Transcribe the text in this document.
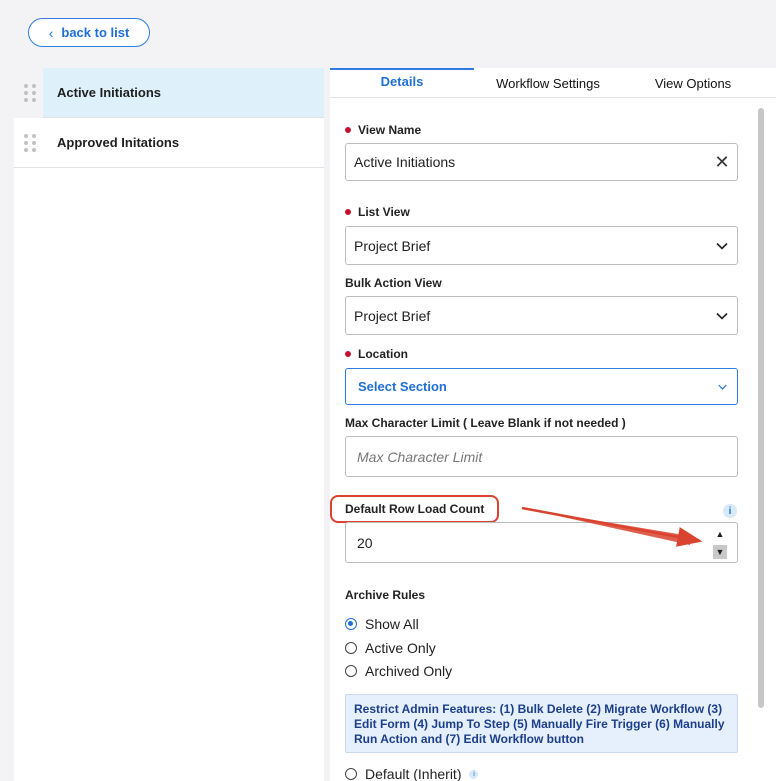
‹ back to list
Active Initiations
Approved Initations
Details	Workflow Settings	View Options
View Name
Active Initiations	✕
List View
Project Brief
Bulk Action View
Project Brief
Location
Select Section
Max Character Limit ( Leave Blank if not needed )
Max Character Limit
Default Row Load Count	i
20
▲
▼
Archive Rules
Show All
Active Only
Archived Only
Restrict Admin Features: (1) Bulk Delete (2) Migrate Workflow (3) Edit Form (4) Jump To Step (5) Manually Fire Trigger (6) Manually Run Action and (7) Edit Workflow button
Default (Inherit)	i
